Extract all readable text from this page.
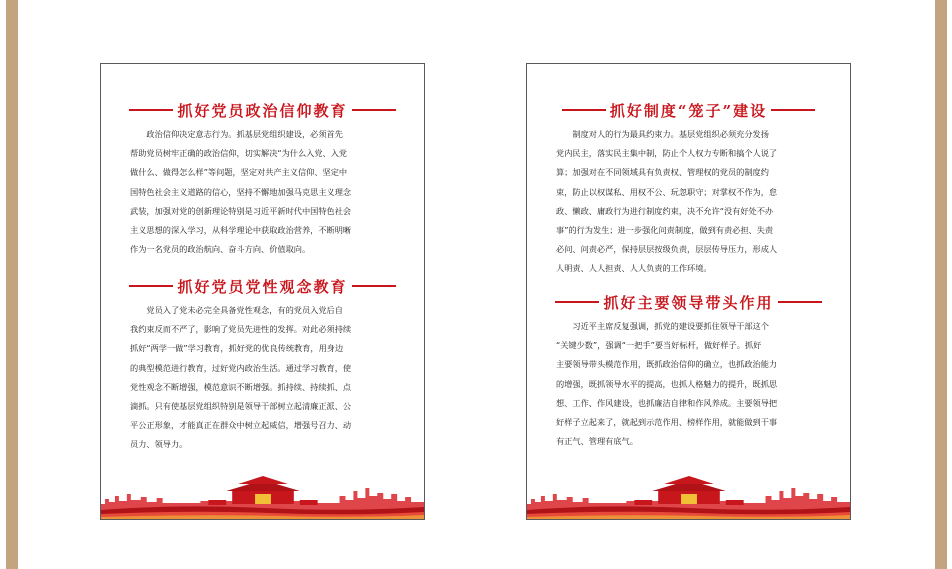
抓好党员政治信仰教育
政治信仰决定意志行为。抓基层党组织建设，必须首先
帮助党员树牢正确的政治信仰，切实解决“为什么入党、入党
做什么、做得怎么样”等问题，坚定对共产主义信仰、坚定中
国特色社会主义道路的信心，坚持不懈地加强马克思主义理念
武装，加强对党的创新理论特别是习近平新时代中国特色社会
主义思想的深入学习，从科学理论中获取政治营养，不断明晰
作为一名党员的政治航向、奋斗方向、价值取向。
抓好党员党性观念教育
党员入了党未必完全具备党性观念，有的党员入党后自
我约束反而不严了，影响了党员先进性的发挥。对此必须持续
抓好“两学一做”学习教育，抓好党的优良传统教育，用身边
的典型模范进行教育，过好党内政治生活。通过学习教育，使
党性观念不断增强，模范意识不断增强。抓持续、持续抓、点
滴抓。只有使基层党组织特别是领导干部树立起清廉正派、公
平公正形象，才能真正在群众中树立起威信，增强号召力、动
员力、领导力。
抓好制度“笼子”建设
制度对人的行为最具约束力。基层党组织必须充分发扬
党内民主，落实民主集中制，防止个人权力专断和搞个人说了
算；加强对在不同领域具有负责权、管理权的党员的制度约
束，防止以权谋私、用权不公、玩忽职守；对掌权不作为，怠
政、懒政、庸政行为进行制度约束，决不允许“没有好处不办
事”的行为发生；进一步强化问责制度，做到有责必担、失责
必问、问责必严，保持层层按级负责，层层传导压力，形成人
人明责、人人担责、人人负责的工作环境。
抓好主要领导带头作用
习近平主席反复强调，抓党的建设要抓住领导干部这个
“关键少数”，强调“一把手”要当好标杆，做好样子。抓好
主要领导带头模范作用，既抓政治信仰的确立，也抓政治能力
的增强，既抓领导水平的提高，也抓人格魅力的提升，既抓思
想、工作、作风建设，也抓廉洁自律和作风养成。主要领导把
好样子立起来了，就起到示范作用、榜样作用，就能做到干事
有正气、管理有底气。
